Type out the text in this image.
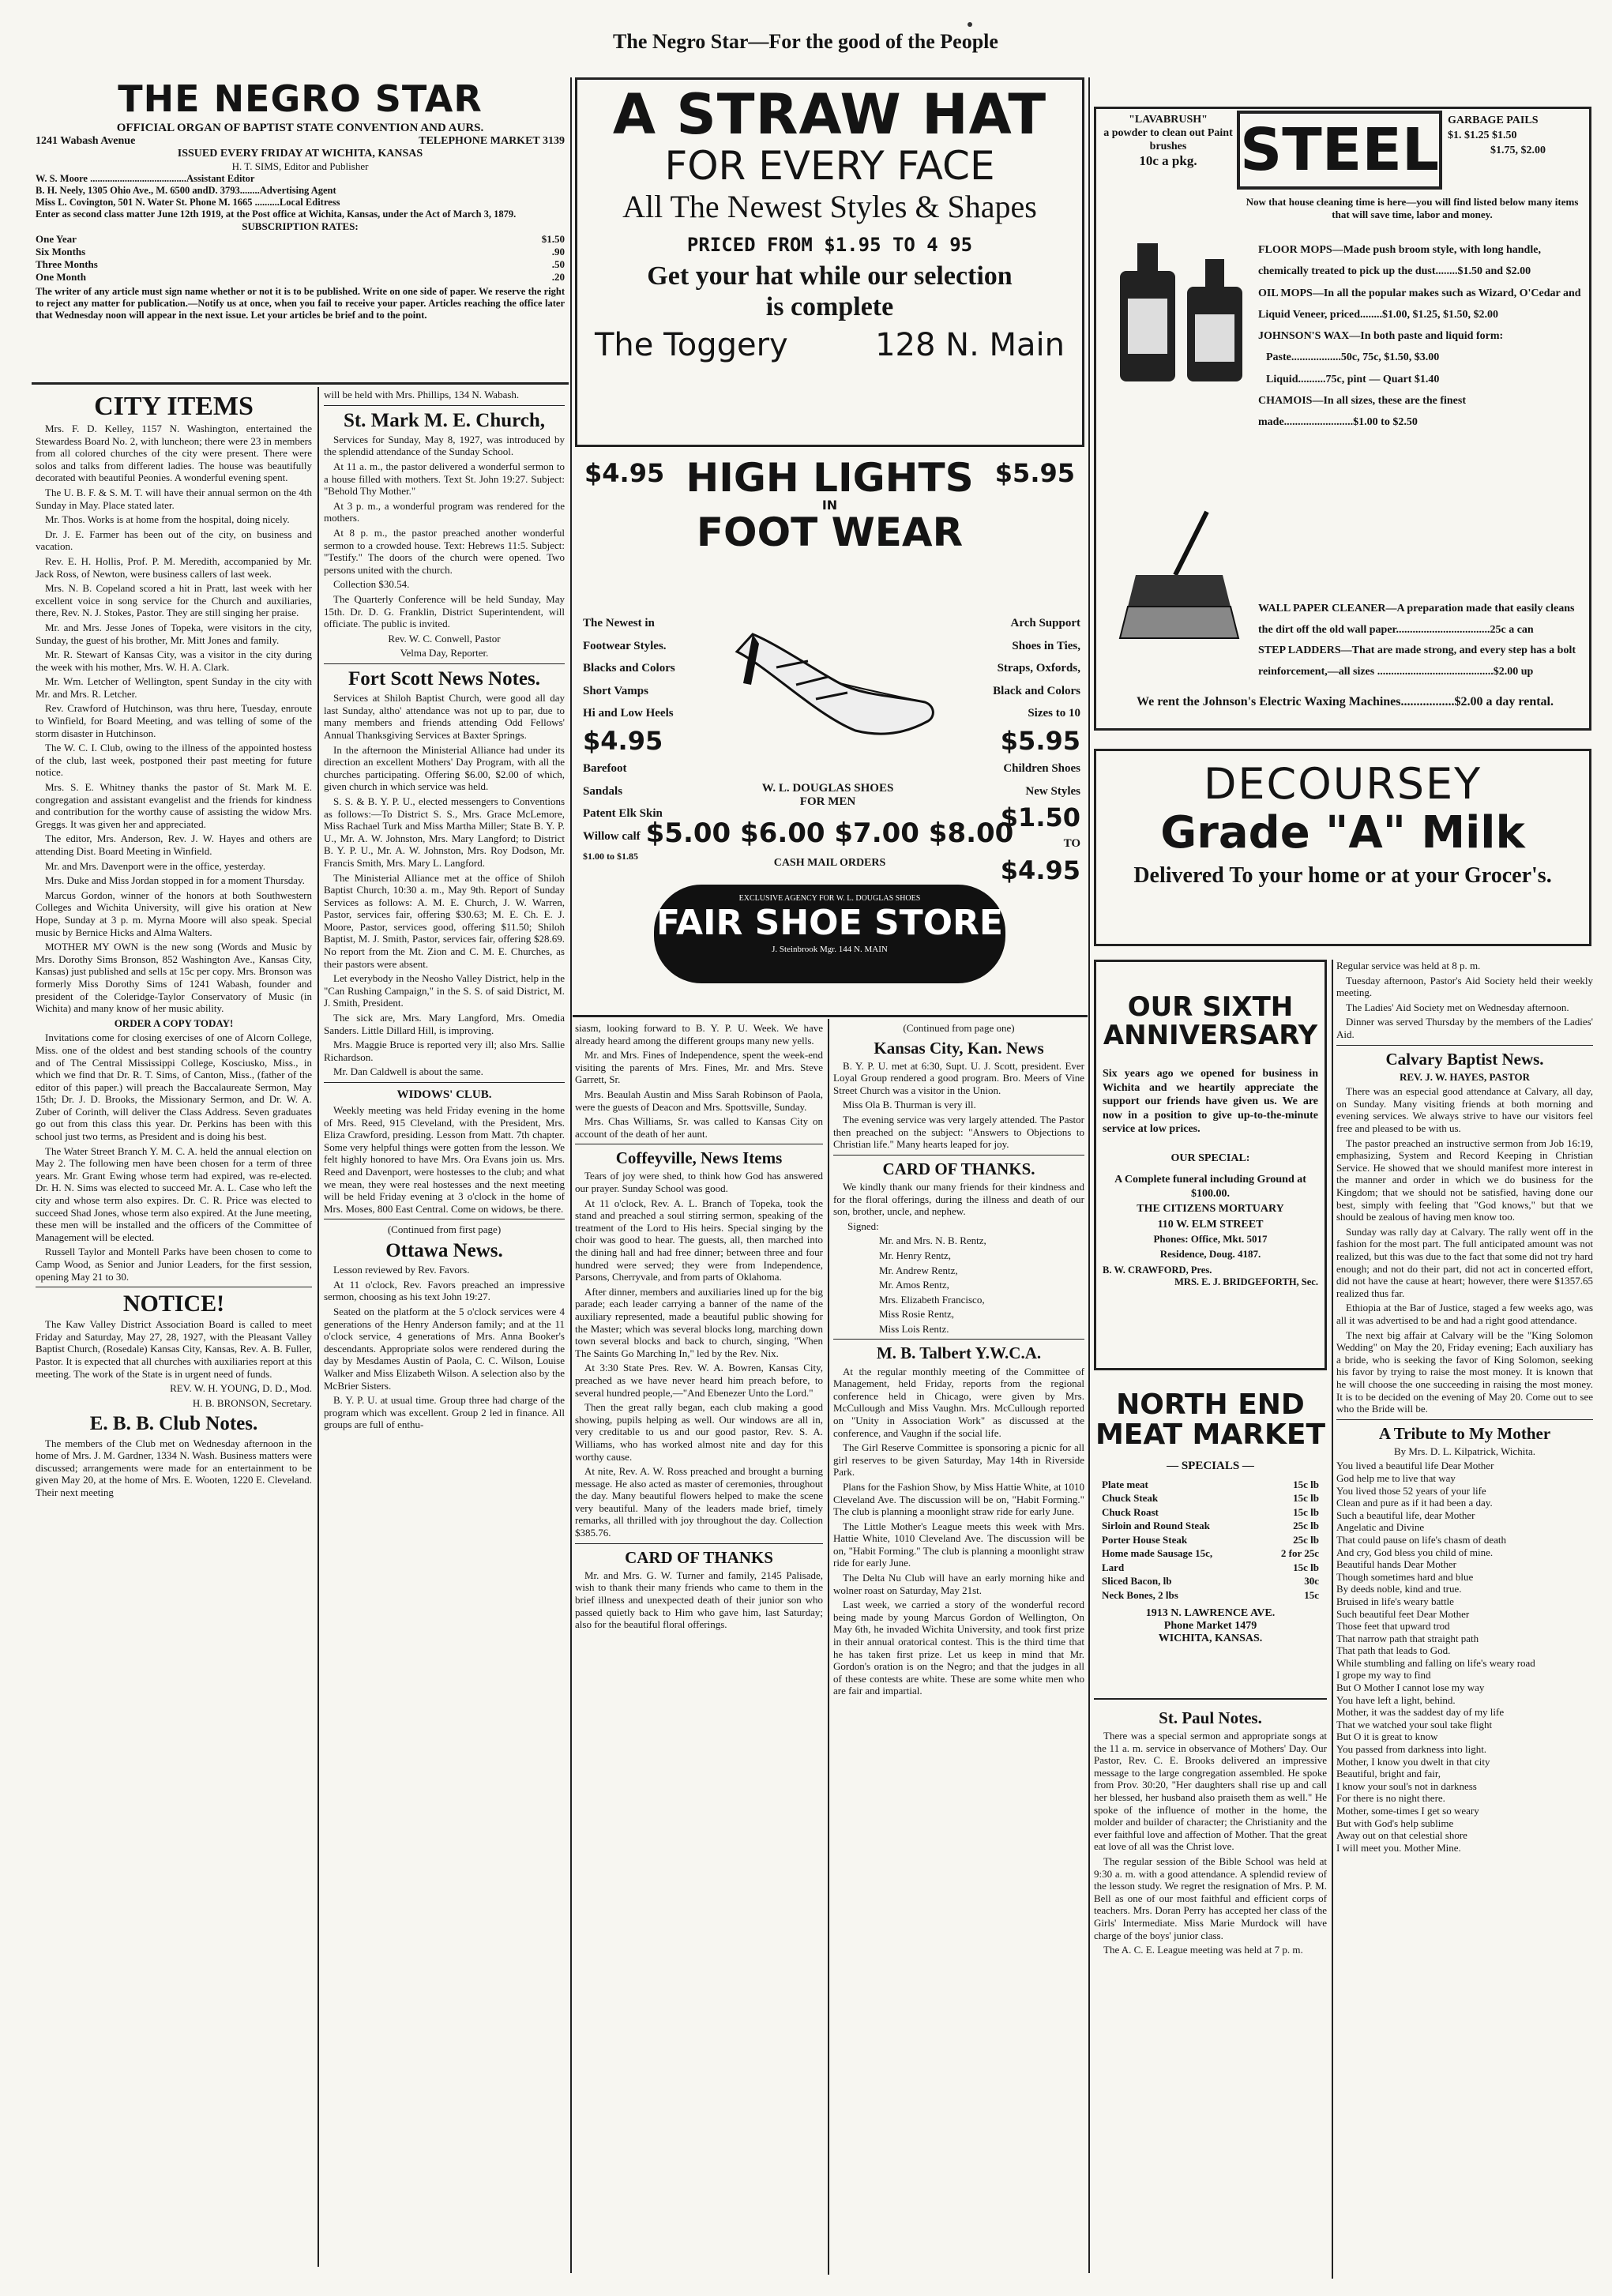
The Negro Star—For the good of the People
THE NEGRO STAR
OFFICIAL ORGAN OF BAPTIST STATE CONVENTION AND AURS.
1241 Wabash Avenue	TELEPHONE MARKET 3139
ISSUED EVERY FRIDAY AT WICHITA, KANSAS
H. T. SIMS, Editor and Publisher
W. S. Moore .......................................Assistant Editor
B. H. Neely, 1305 Ohio Ave., M. 6500 andD. 3793........Advertising Agent
Miss L. Covington, 501 N. Water St. Phone M. 1665 ..........Local Editress
Enter as second class matter June 12th 1919, at the Post office at Wichita, Kansas, under the Act of March 3, 1879.
SUBSCRIPTION RATES:
One Year	$1.50
Six Months	.90
Three Months	.50
One Month	.20
The writer of any article must sign name whether or not it is to be published. Write on one side of paper. We reserve the right to reject any matter for publication.—Notify us at once, when you fail to receive your paper. Articles reaching the office later that Wednesday noon will appear in the next issue. Let your articles be brief and to the point.
CITY ITEMS

Mrs. F. D. Kelley, 1157 N. Washington, entertained the Stewardess Board No. 2, with luncheon; there were 23 in members from all colored churches of the city were present. There were solos and talks from different ladies. The house was beautifully decorated with beautiful Peonies. A wonderful evening spent.

The U. B. F. & S. M. T. will have their annual sermon on the 4th Sunday in May. Place stated later.

Mr. Thos. Works is at home from the hospital, doing nicely.

Dr. J. E. Farmer has been out of the city, on business and vacation.

Rev. E. H. Hollis, Prof. P. M. Meredith, accompanied by Mr. Jack Ross, of Newton, were business callers of last week.

Mrs. N. B. Copeland scored a hit in Pratt, last week with her excellent voice in song service for the Church and auxiliaries, there, Rev. N. J. Stokes, Pastor. They are still singing her praise.

Mr. and Mrs. Jesse Jones of Topeka, were visitors in the city, Sunday, the guest of his brother, Mr. Mitt Jones and family.

Mr. R. Stewart of Kansas City, was a visitor in the city during the week with his mother, Mrs. W. H. A. Clark.

Mr. Wm. Letcher of Wellington, spent Sunday in the city with Mr. and Mrs. R. Letcher.

Rev. Crawford of Hutchinson, was thru here, Tuesday, enroute to Winfield, for Board Meeting, and was telling of some of the storm disaster in Hutchinson.

The W. C. I. Club, owing to the illness of the appointed hostess of the club, last week, postponed their past meeting for future notice.

Mrs. S. E. Whitney thanks the pastor of St. Mark M. E. congregation and assistant evangelist and the friends for kindness and contribution for the worthy cause of assisting the widow Mrs. Greggs. It was given her and appreciated.

The editor, Mrs. Anderson, Rev. J. W. Hayes and others are attending Dist. Board Meeting in Winfield.

Mr. and Mrs. Davenport were in the office, yesterday.

Mrs. Duke and Miss Jordan stopped in for a moment Thursday.

Marcus Gordon, winner of the honors at both Southwestern Colleges and Wichita University, will give his oration at New Hope, Sunday at 3 p. m. Myrna Moore will also speak. Special music by Bernice Hicks and Alma Walters.

MOTHER MY OWN is the new song (Words and Music by Mrs. Dorothy Sims Bronson, 852 Washington Ave., Kansas City, Kansas) just published and sells at 15c per copy. Mrs. Bronson was formerly Miss Dorothy Sims of 1241 Wabash, founder and president of the Coleridge-Taylor Conservatory of Music (in Wichita) and many know of her music ability.

ORDER A COPY TODAY!

Invitations come for closing exercises of one of Alcorn College, Miss. one of the oldest and best standing schools of the country and of The Central Mississippi College, Kosciusko, Miss., in which we find that Dr. R. T. Sims, of Canton, Miss., (father of the editor of this paper.) will preach the Baccalaureate Sermon, May 15th; Dr. J. D. Brooks, the Missionary Sermon, and Dr. W. A. Zuber of Corinth, will deliver the Class Address. Seven graduates go out from this class this year. Dr. Perkins has been with this school just two terms, as President and is doing his best.

The Water Street Branch Y. M. C. A. held the annual election on May 2. The following men have been chosen for a term of three years. Mr. Grant Ewing whose term had expired, was re-elected. Dr. H. N. Sims was elected to succeed Mr. A. L. Case who left the city and whose term also expires. Dr. C. R. Price was elected to succeed Shad Jones, whose term also expired. At the June meeting, these men will be installed and the officers of the Committee of Management will be elected.

Russell Taylor and Montell Parks have been chosen to come to Camp Wood, as Senior and Junior Leaders, for the first session, opening May 21 to 30.

NOTICE!

The Kaw Valley District Association Board is called to meet Friday and Saturday, May 27, 28, 1927, with the Pleasant Valley Baptist Church, (Rosedale) Kansas City, Kansas, Rev. A. B. Fuller, Pastor. It is expected that all churches with auxiliaries report at this meeting. The work of the State is in urgent need of funds.

REV. W. H. YOUNG, D. D., Mod.

H. B. BRONSON, Secretary.

E. B. B. Club Notes.

The members of the Club met on Wednesday afternoon in the home of Mrs. J. M. Gardner, 1334 N. Wash. Business matters were discussed; arrangements were made for an entertainment to be given May 20, at the home of Mrs. E. Wooten, 1220 E. Cleveland. Their next meeting

will be held with Mrs. Phillips, 134 N. Wabash.

St. Mark M. E. Church,

Services for Sunday, May 8, 1927, was introduced by the splendid attendance of the Sunday School.

At 11 a. m., the pastor delivered a wonderful sermon to a house filled with mothers. Text St. John 19:27. Subject: "Behold Thy Mother."

At 3 p. m., a wonderful program was rendered for the mothers.

At 8 p. m., the pastor preached another wonderful sermon to a crowded house. Text: Hebrews 11:5. Subject: "Testify." The doors of the church were opened. Two persons united with the church.

Collection $30.54.

The Quarterly Conference will be held Sunday, May 15th. Dr. D. G. Franklin, District Superintendent, will officiate. The public is invited.

Rev. W. C. Conwell, Pastor

Velma Day, Reporter.

Fort Scott News Notes.

Services at Shiloh Baptist Church, were good all day last Sunday, altho' attendance was not up to par, due to many members and friends attending Odd Fellows' Annual Thanksgiving Services at Baxter Springs.

In the afternoon the Ministerial Alliance had under its direction an excellent Mothers' Day Program, with all the churches participating. Offering $6.00, $2.00 of which, given church in which service was held.

S. S. & B. Y. P. U., elected messengers to Conventions as follows:—To District S. S., Mrs. Grace McLemore, Miss Rachael Turk and Miss Martha Miller; State B. Y. P. U., Mr. A. W. Johnston, Mrs. Mary Langford; to District B. Y. P. U., Mr. A. W. Johnston, Mrs. Roy Dodson, Mr. Francis Smith, Mrs. Mary L. Langford.

The Ministerial Alliance met at the office of Shiloh Baptist Church, 10:30 a. m., May 9th. Report of Sunday Services as follows: A. M. E. Church, J. W. Warren, Pastor, services fair, offering $30.63; M. E. Ch. E. J. Moore, Pastor, services good, offering $11.50; Shiloh Baptist, M. J. Smith, Pastor, services fair, offering $28.69. No report from the Mt. Zion and C. M. E. Churches, as their pastors were absent.

Let everybody in the Neosho Valley District, help in the "Can Rushing Campaign," in the S. S. of said District, M. J. Smith, President.

The sick are, Mrs. Mary Langford, Mrs. Omedia Sanders. Little Dillard Hill, is improving.

Mrs. Maggie Bruce is reported very ill; also Mrs. Sallie Richardson.

Mr. Dan Caldwell is about the same.

WIDOWS' CLUB.

Weekly meeting was held Friday evening in the home of Mrs. Reed, 915 Cleveland, with the President, Mrs. Eliza Crawford, presiding. Lesson from Matt. 7th chapter. Some very helpful things were gotten from the lesson. We felt highly honored to have Mrs. Ora Evans join us. Mrs. Reed and Davenport, were hostesses to the club; and what we mean, they were real hostesses and the next meeting will be held Friday evening at 3 o'clock in the home of Mrs. Moses, 800 East Central. Come on widows, be there.

(Continued from first page)

Ottawa News.

Lesson reviewed by Rev. Favors.

At 11 o'clock, Rev. Favors preached an impressive sermon, choosing as his text John 19:27.

Seated on the platform at the 5 o'clock services were 4 generations of the Henry Anderson family; and at the 11 o'clock service, 4 generations of Mrs. Anna Booker's descendants. Appropriate solos were rendered during the day by Mesdames Austin of Paola, C. C. Wilson, Louise Walker and Miss Elizabeth Wilson. A selection also by the McBrier Sisters.

B. Y. P. U. at usual time. Group three had charge of the program which was excellent. Group 2 led in finance. All groups are full of enthu-

A STRAW HAT
FOR EVERY FACE
All The Newest Styles & Shapes
PRICED FROM $1.95 TO 4 95
Get your hat while our selection
is complete
The Toggery	128 N. Main
$4.95 HIGH LIGHTS
IN
FOOT WEAR
$5.95
The Newest in
Footwear Styles.
Blacks and Colors
Short Vamps
Hi and Low Heels
$4.95
Barefoot
Sandals
Patent Elk Skin
Willow calf
$1.00 to $1.85
Arch Support
Shoes in Ties,
Straps, Oxfords,
Black and Colors
Sizes to 10
$5.95
Children Shoes
New Styles
$1.50
TO
$4.95
W. L. DOUGLAS SHOES
FOR MEN
$5.00 $6.00 $7.00 $8.00
CASH MAIL ORDERS
EXCLUSIVE AGENCY FOR W. L. DOUGLAS SHOES
FAIR SHOE STORE
J. Steinbrook Mgr. 144 N. MAIN

siasm, looking forward to B. Y. P. U. Week. We have already heard among the different groups many new yells.

Mr. and Mrs. Fines of Independence, spent the week-end visiting the parents of Mrs. Fines, Mr. and Mrs. Steve Garrett, Sr.

Mrs. Beaulah Austin and Miss Sarah Robinson of Paola, were the guests of Deacon and Mrs. Spottsville, Sunday.

Mrs. Chas Williams, Sr. was called to Kansas City on account of the death of her aunt.

Coffeyville, News Items

Tears of joy were shed, to think how God has answered our prayer. Sunday School was good.

At 11 o'clock, Rev. A. L. Branch of Topeka, took the stand and preached a soul stirring sermon, speaking of the treatment of the Lord to His heirs. Special singing by the choir was good to hear. The guests, all, then marched into the dining hall and had free dinner; between three and four hundred were served; they were from Independence, Parsons, Cherryvale, and from parts of Oklahoma.

After dinner, members and auxiliaries lined up for the big parade; each leader carrying a banner of the name of the auxiliary represented, made a beautiful public showing for the Master; which was several blocks long, marching down town several blocks and back to church, singing, "When The Saints Go Marching In," led by the Rev. Nix.

At 3:30 State Pres. Rev. W. A. Bowren, Kansas City, preached as we have never heard him preach before, to several hundred people,—"And Ebenezer Unto the Lord."

Then the great rally began, each club making a good showing, pupils helping as well. Our windows are all in, very creditable to us and our good pastor, Rev. S. A. Williams, who has worked almost nite and day for this worthy cause.

At nite, Rev. A. W. Ross preached and brought a burning message. He also acted as master of ceremonies, throughout the day. Many beautiful flowers helped to make the scene very beautiful. Many of the leaders made brief, timely remarks, all thrilled with joy throughout the day. Collection $385.76.

CARD OF THANKS

Mr. and Mrs. G. W. Turner and family, 2145 Palisade, wish to thank their many friends who came to them in the brief illness and unexpected death of their junior son who passed quietly back to Him who gave him, last Saturday; also for the beautiful floral offerings.

(Continued from page one)

Kansas City, Kan. News

B. Y. P. U. met at 6:30, Supt. U. J. Scott, president. Ever Loyal Group rendered a good program. Bro. Meers of Vine Street Church was a visitor in the Union.

Miss Ola B. Thurman is very ill.

The evening service was very largely attended. The Pastor then preached on the subject: "Answers to Objections to Christian life." Many hearts leaped for joy.

CARD OF THANKS.

We kindly thank our many friends for their kindness and for the floral offerings, during the illness and death of our son, brother, uncle, and nephew.

Signed:

Mr. and Mrs. N. B. Rentz,

Mr. Henry Rentz,

Mr. Andrew Rentz,

Mr. Amos Rentz,

Mrs. Elizabeth Francisco,

Miss Rosie Rentz,

Miss Lois Rentz.

M. B. Talbert Y.W.C.A.

At the regular monthly meeting of the Committee of Management, held Friday, reports from the regional conference held in Chicago, were given by Mrs. McCullough and Miss Vaughn. Mrs. McCullough reported on "Unity in Association Work" as discussed at the conference, and Vaughn if the social life.

The Girl Reserve Committee is sponsoring a picnic for all girl reserves to be given Saturday, May 14th in Riverside Park.

Plans for the Fashion Show, by Miss Hattie White, at 1010 Cleveland Ave. The discussion will be on, "Habit Forming." The club is planning a moonlight straw ride for early June.

The Little Mother's League meets this week with Mrs. Hattie White, 1010 Cleveland Ave. The discussion will be on, "Habit Forming." The club is planning a moonlight straw ride for early June.

The Delta Nu Club will have an early morning hike and wolner roast on Saturday, May 21st.

Last week, we carried a story of the wonderful record being made by young Marcus Gordon of Wellington, On May 6th, he invaded Wichita University, and took first prize in their annual oratorical contest. This is the third time that he has taken first prize. Let us keep in mind that Mr. Gordon's oration is on the Negro; and that the judges in all of these contests are white. These are some white men who are fair and impartial.

"LAVABRUSH"
a powder to clean out Paint brushes
10c a pkg. STEEL GARBAGE PAILS
$1. $1.25 $1.50
$1.75, $2.00
Now that house cleaning time is here—you will find listed below many items that will save time, labor and money.
FLOOR MOPS—Made push broom style, with long handle, chemically treated to pick up the dust........$1.50 and $2.00
OIL MOPS—In all the popular makes such as Wizard, O'Cedar and Liquid Veneer, priced........$1.00, $1.25, $1.50, $2.00
JOHNSON'S WAX—In both paste and liquid form:
Paste..................50c, 75c, $1.50, $3.00
Liquid..........75c, pint — Quart $1.40
CHAMOIS—In all sizes, these are the finest made.........................$1.00 to $2.50
WALL PAPER CLEANER—A preparation made that easily cleans the dirt off the old wall paper..................................25c a can
STEP LADDERS—That are made strong, and every step has a bolt reinforcement,—all sizes ..........................................$2.00 up
We rent the Johnson's Electric Waxing Machines.................$2.00 a day rental.
DECOURSEY
Grade "A" Milk
Delivered To your home or at your Grocer's.
OUR SIXTH
ANNIVERSARY
Six years ago we opened for business in Wichita and we heartily appreciate the support our friends have given us. We are now in a position to give up-to-the-minute service at low prices.
OUR SPECIAL:
A Complete funeral including Ground at $100.00.
THE CITIZENS MORTUARY
110 W. ELM STREET
Phones: Office, Mkt. 5017
Residence, Doug. 4187.
B. W. CRAWFORD, Pres.
MRS. E. J. BRIDGEFORTH, Sec.
NORTH END
MEAT MARKET
— SPECIALS —
Plate meat	15c lb
Chuck Steak	15c lb
Chuck Roast	15c lb
Sirloin and Round Steak	25c lb
Porter House Steak	25c lb
Home made Sausage 15c,	2 for 25c
Lard	15c lb
Sliced Bacon, lb	30c
Neck Bones, 2 lbs	15c
1913 N. LAWRENCE AVE.
Phone Market 1479
WICHITA, KANSAS.
St. Paul Notes.

There was a special sermon and appropriate songs at the 11 a. m. service in observance of Mothers' Day. Our Pastor, Rev. C. E. Brooks delivered an impressive message to the large congregation assembled. He spoke from Prov. 30:20, "Her daughters shall rise up and call her blessed, her husband also praiseth them as well." He spoke of the influence of mother in the home, the molder and builder of character; the Christianity and the ever faithful love and affection of Mother. That the great eat love of all was the Christ love.

The regular session of the Bible School was held at 9:30 a. m. with a good attendance. A splendid review of the lesson study. We regret the resignation of Mrs. P. M. Bell as one of our most faithful and efficient corps of teachers. Mrs. Doran Perry has accepted her class of the Girls' Intermediate. Miss Marie Murdock will have charge of the boys' junior class.

The A. C. E. League meeting was held at 7 p. m.

Regular service was held at 8 p. m.

Tuesday afternoon, Pastor's Aid Society held their weekly meeting.

The Ladies' Aid Society met on Wednesday afternoon.

Dinner was served Thursday by the members of the Ladies' Aid.

Calvary Baptist News.

REV. J. W. HAYES, PASTOR

There was an especial good attendance at Calvary, all day, on Sunday. Many visiting friends at both morning and evening services. We always strive to have our visitors feel free and pleased to be with us.

The pastor preached an instructive sermon from Job 16:19, emphasizing, System and Record Keeping in Christian Service. He showed that we should manifest more interest in the manner and order in which we do business for the Kingdom; that we should not be satisfied, having done our best, simply with feeling that "God knows," but that we should be zealous of having men know too.

Sunday was rally day at Calvary. The rally went off in the fashion for the most part. The full anticipated amount was not realized, but this was due to the fact that some did not try hard enough; and not do their part, did not act in concerted effort, did not have the cause at heart; however, there were $1357.65 realized thus far.

Ethiopia at the Bar of Justice, staged a few weeks ago, was all it was advertised to be and had a right good attendance.

The next big affair at Calvary will be the "King Solomon Wedding" on May the 20, Friday evening; Each auxiliary has a bride, who is seeking the favor of King Solomon, seeking his favor by trying to raise the most money. It is known that he will choose the one succeeding in raising the most money. It is to be decided on the evening of May 20. Come out to see who the Bride will be.

A Tribute to My Mother

By Mrs. D. L. Kilpatrick, Wichita.

You lived a beautiful life Dear Mother
God help me to live that way
You lived those 52 years of your life
Clean and pure as if it had been a day.
Such a beautiful life, dear Mother
Angelatic and Divine
That could pause on life's chasm of death
And cry, God bless you child of mine.
Beautiful hands Dear Mother
Though sometimes hard and blue
By deeds noble, kind and true.
Bruised in life's weary battle
Such beautiful feet Dear Mother
Those feet that upward trod
That narrow path that straight path
That path that leads to God.
While stumbling and falling on life's weary road
I grope my way to find
But O Mother I cannot lose my way
You have left a light, behind.
Mother, it was the saddest day of my life
That we watched your soul take flight
But O it is great to know
You passed from darkness into light.
Mother, I know you dwelt in that city
Beautiful, bright and fair,
I know your soul's not in darkness
For there is no night there.
Mother, some-times I get so weary
But with God's help sublime
Away out on that celestial shore
I will meet you. Mother Mine.
